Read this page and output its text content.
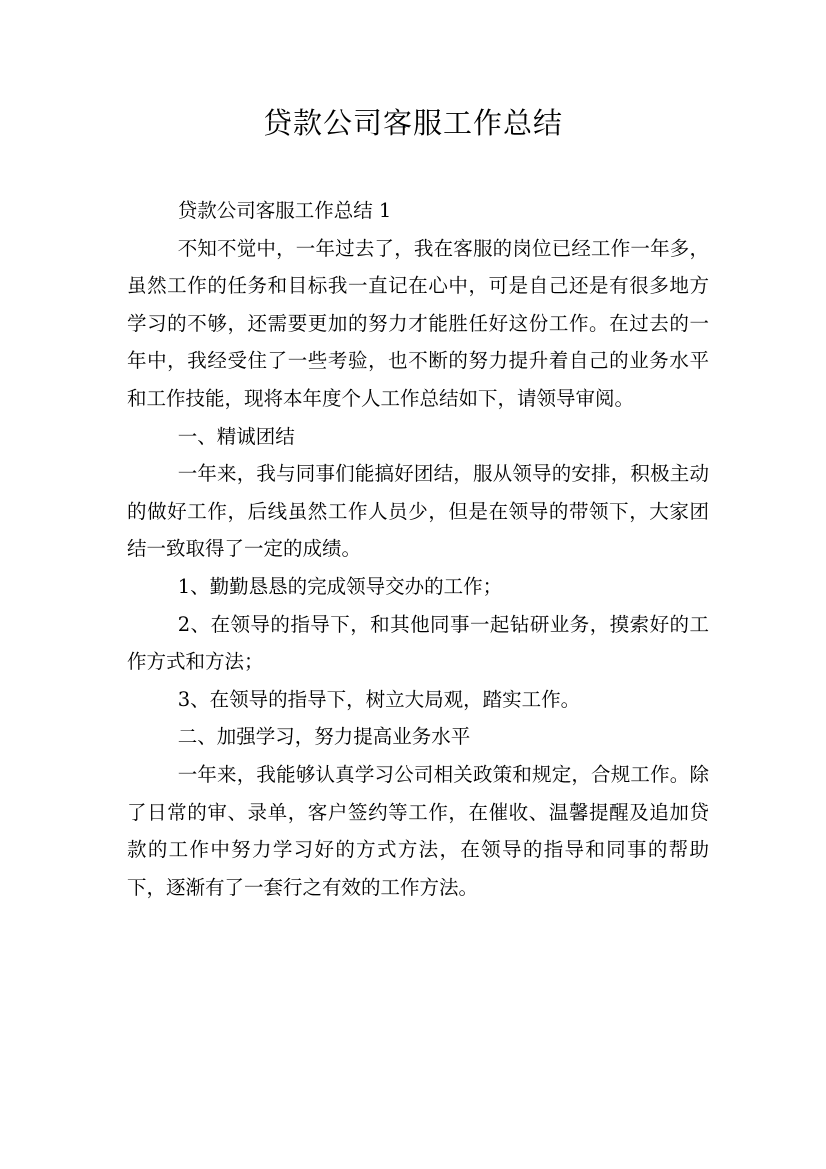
贷款公司客服工作总结

贷款公司客服工作总结 1

不知不觉中，一年过去了，我在客服的岗位已经工作一年多，虽然工作的任务和目标我一直记在心中，可是自己还是有很多地方学习的不够，还需要更加的努力才能胜任好这份工作。在过去的一年中，我经受住了一些考验，也不断的努力提升着自己的业务水平和工作技能，现将本年度个人工作总结如下，请领导审阅。

一、精诚团结

一年来，我与同事们能搞好团结，服从领导的安排，积极主动的做好工作，后线虽然工作人员少，但是在领导的带领下，大家团结一致取得了一定的成绩。

1、勤勤恳恳的完成领导交办的工作；

2、在领导的指导下，和其他同事一起钻研业务，摸索好的工作方式和方法；

3、在领导的指导下，树立大局观，踏实工作。

二、加强学习，努力提高业务水平

一年来，我能够认真学习公司相关政策和规定，合规工作。除了日常的审、录单，客户签约等工作，在催收、温馨提醒及追加贷款的工作中努力学习好的方式方法，在领导的指导和同事的帮助下，逐渐有了一套行之有效的工作方法。
